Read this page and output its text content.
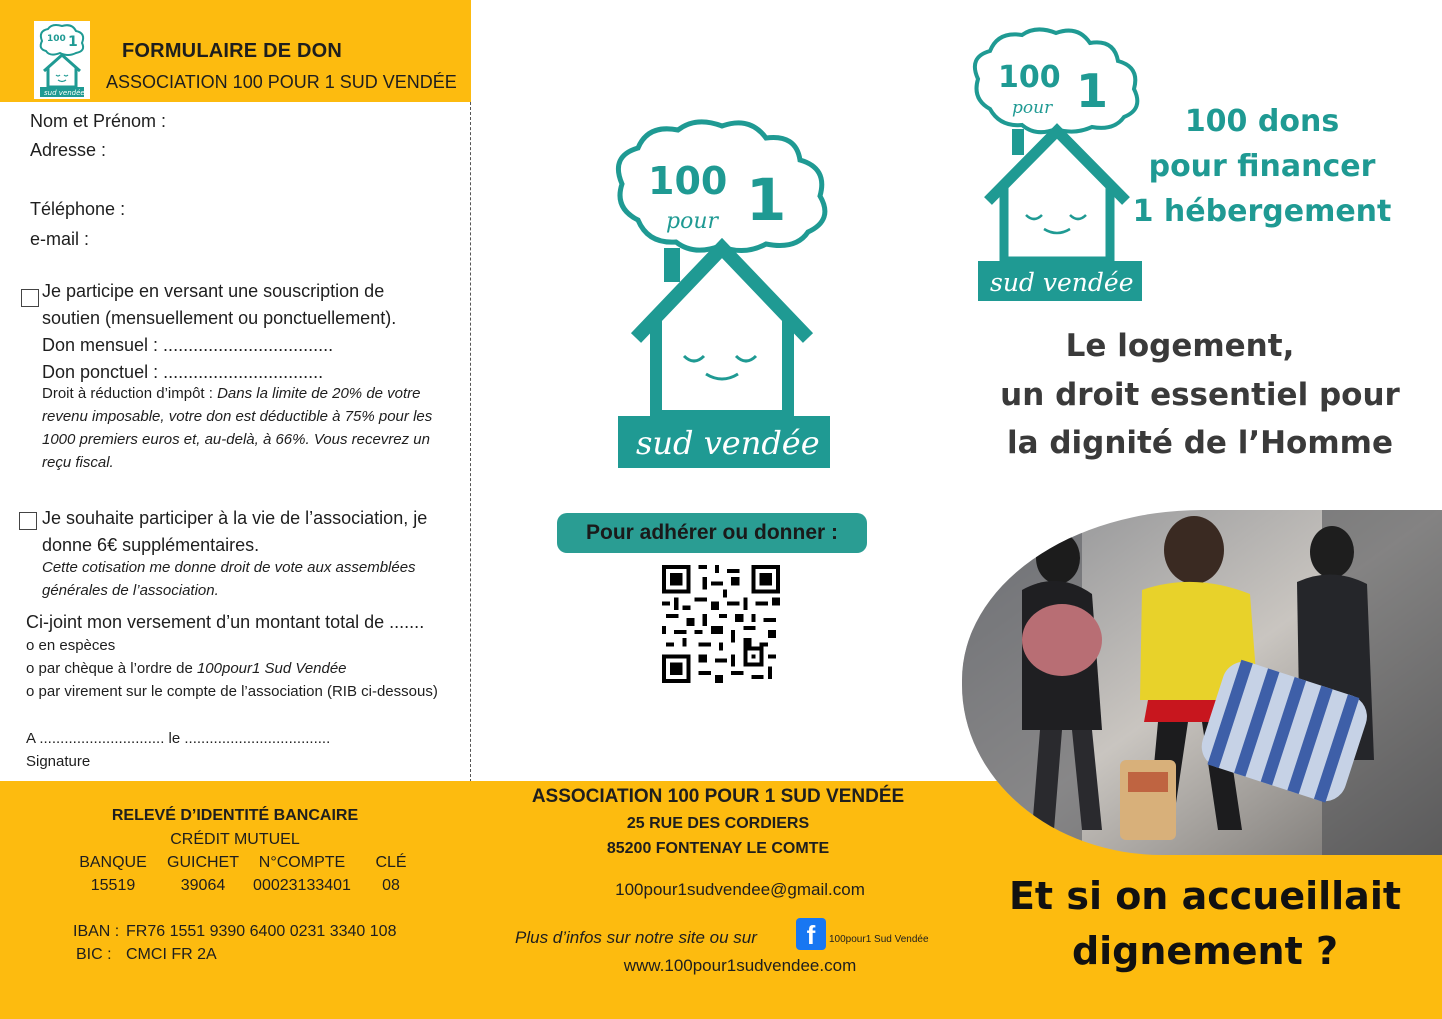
100 1
sud vendée
FORMULAIRE DE DON
ASSOCIATION 100 POUR 1 SUD VENDÉE
Nom et Prénom :
Adresse :
Téléphone :
e-mail :
Je participe en versant une souscription de
soutien (mensuellement ou ponctuellement).
Don mensuel : ..................................
Don ponctuel : ................................
Droit à réduction d’impôt : Dans la limite de 20% de votre
revenu imposable, votre don est déductible à 75% pour les
1000 premiers euros et, au-delà, à 66%. Vous recevrez un
reçu fiscal.
Je souhaite participer à la vie de l’association, je
donne 6€ supplémentaires.
Cette cotisation me donne droit de vote aux assemblées
générales de l’association.
Ci-joint mon versement d’un montant total de .......
o en espèces
o par chèque à l’ordre de 100pour1 Sud Vendée
o par virement sur le compte de l’association (RIB ci-dessous)
A .............................. le ...................................
Signature
RELEVÉ D’IDENTITÉ BANCAIRE
CRÉDIT MUTUEL
BANQUE GUICHET N°COMPTE	CLÉ
15519	39064	00023133401	08
IBAN : FR76 1551 9390 6400 0231 3340 108
BIC : CMCI FR 2A
100
pour 1
sud vendée
Pour adhérer ou donner :
ASSOCIATION 100 POUR 1 SUD VENDÉE
25 RUE DES CORDIERS
85200 FONTENAY LE COMTE
100pour1sudvendee@gmail.com
Plus d’infos sur notre site ou sur	f	100pour1 Sud Vendée
www.100pour1sudvendee.com
100
pour 1
sud vendée
100 dons
pour financer
1 hébergement
Le logement,
un droit essentiel pour
la dignité de l’Homme
Et si on accueillait
dignement ?
